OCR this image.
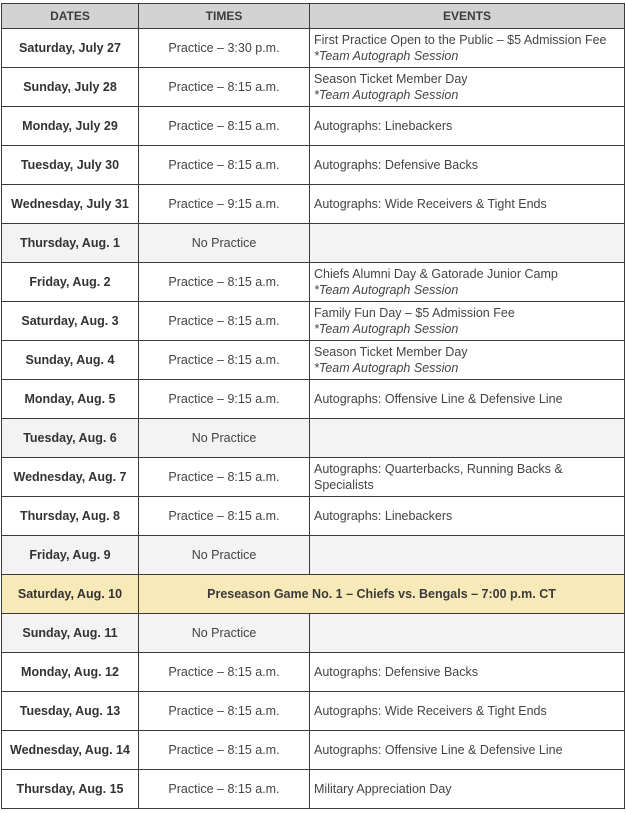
DATES	TIMES	EVENTS
Saturday, July 27	Practice – 3:30 p.m.	First Practice Open to the Public – $5 Admission Fee
*Team Autograph Session

Sunday, July 28	Practice – 8:15 a.m.	Season Ticket Member Day
*Team Autograph Session

Monday, July 29	Practice – 8:15 a.m.	Autographs: Linebackers
Tuesday, July 30	Practice – 8:15 a.m.	Autographs: Defensive Backs
Wednesday, July 31	Practice – 9:15 a.m.	Autographs: Wide Receivers & Tight Ends
Thursday, Aug. 1	No Practice	
Friday, Aug. 2	Practice – 8:15 a.m.	Chiefs Alumni Day & Gatorade Junior Camp
*Team Autograph Session

Saturday, Aug. 3	Practice – 8:15 a.m.	Family Fun Day – $5 Admission Fee
*Team Autograph Session

Sunday, Aug. 4	Practice – 8:15 a.m.	Season Ticket Member Day
*Team Autograph Session

Monday, Aug. 5	Practice – 9:15 a.m.	Autographs: Offensive Line & Defensive Line
Tuesday, Aug. 6	No Practice	
Wednesday, Aug. 7	Practice – 8:15 a.m.	Autographs: Quarterbacks, Running Backs & Specialists
Thursday, Aug. 8	Practice – 8:15 a.m.	Autographs: Linebackers
Friday, Aug. 9	No Practice	
Saturday, Aug. 10	Preseason Game No. 1 – Chiefs vs. Bengals – 7:00 p.m. CT	
Sunday, Aug. 11	No Practice	
Monday, Aug. 12	Practice – 8:15 a.m.	Autographs: Defensive Backs
Tuesday, Aug. 13	Practice – 8:15 a.m.	Autographs: Wide Receivers & Tight Ends
Wednesday, Aug. 14	Practice – 8:15 a.m.	Autographs: Offensive Line & Defensive Line
Thursday, Aug. 15	Practice – 8:15 a.m.	Military Appreciation Day
